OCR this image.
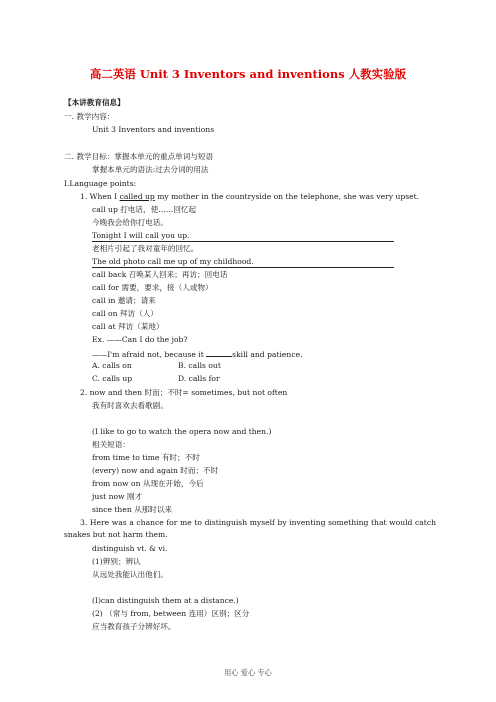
高二英语 Unit 3 Inventors and inventions 人教实验版
【本讲教育信息】
一. 教学内容：
Unit 3 Inventors and inventions
二. 教学目标：掌握本单元的重点单词与短语
掌握本单元的语法:过去分词的用法
Ⅰ.Language points:
1. When I called up my mother in the countryside on the telephone, she was very upset.
call up 打电话，使……回忆起
今晚我会给你打电话。
Tonight I will call you up.
老相片引起了我对童年的回忆。
The old photo call me up of my childhood.
call back 召唤某人回来；再访；回电话
call for 需要，要求，接（人或物）
call in 邀请；请来
call on 拜访（人）
call at 拜访（某地）
Ex. ——Can I do the job?
——I'm afraid not, because it	skill and patience.
A. calls on	B. calls out
C. calls up	D. calls for
2. now and then 时而；不时= sometimes, but not often
我有时喜欢去看歌剧。
(I like to go to watch the opera now and then.)
相关短语：
from time to time 有时；不时
(every) now and again 时而；不时
from now on 从现在开始，今后
just now 刚才
since then 从那时以来
3. Here was a chance for me to distinguish myself by inventing something that would catch
snakes but not harm them.
distinguish vt. & vi.
(1)辨别；辨认
从远处我能认出他们。
(I)can distinguish them at a distance.)
(2) （常与 from, between 连用）区别；区分
应当教育孩子分辨好坏。
用心 爱心 专心
